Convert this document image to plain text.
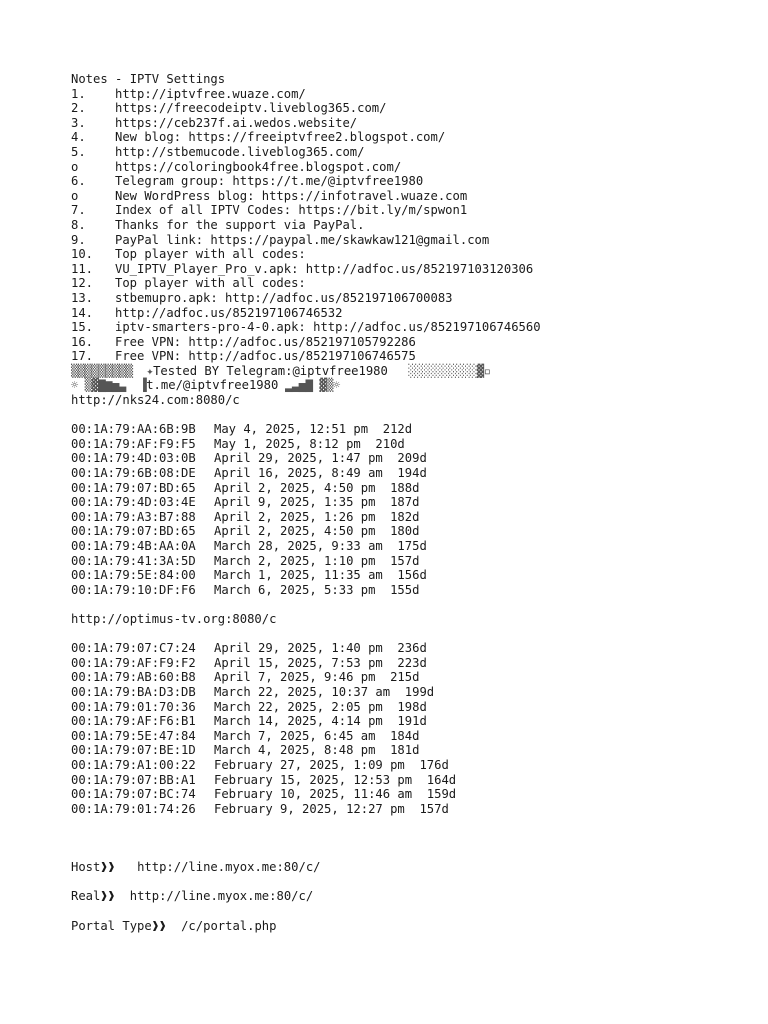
Notes - IPTV Settings
1. http://iptvfree.wuaze.com/
2. https://freecodeiptv.liveblog365.com/
3. https://ceb237f.ai.wedos.website/
4. New blog: https://freeiptvfree2.blogspot.com/
5. http://stbemucode.liveblog365.com/
o	https://coloringbook4free.blogspot.com/
6. Telegram group: https://t.me/@iptvfree1980
o	New WordPress blog: https://infotravel.wuaze.com
7. Index of all IPTV Codes: https://bit.ly/m/spwon1
8. Thanks for the support via PayPal.
9. PayPal link: https://paypal.me/skawkaw121@gmail.com
10. Top player with all codes:
11. VU_IPTV_Player_Pro_v.apk: http://adfoc.us/852197103120306
12. Top player with all codes:
13. stbemupro.apk: http://adfoc.us/852197106700083
14. http://adfoc.us/852197106746532
15. iptv-smarters-pro-4-0.apk: http://adfoc.us/852197106746560
16. Free VPN: http://adfoc.us/852197105792286
17. Free VPN: http://adfoc.us/852197106746575
▒▒▒▒▒▒▒▒▒  ✦Tested BY Telegram:@iptvfree1980   ░░░░░░░░░░▓▫
☼ ▒▓▇▆▅▃  ▐t.me/@iptvfree1980 ▂▃▅▇ ▓▒☼
http://nks24.com:8080/c
00:1A:79:AA:6B:9B May 4, 2025, 12:51 pm  212d
00:1A:79:AF:F9:F5 May 1, 2025, 8:12 pm  210d
00:1A:79:4D:03:0B April 29, 2025, 1:47 pm  209d
00:1A:79:6B:08:DE April 16, 2025, 8:49 am  194d
00:1A:79:07:BD:65 April 2, 2025, 4:50 pm  188d
00:1A:79:4D:03:4E April 9, 2025, 1:35 pm  187d
00:1A:79:A3:B7:88 April 2, 2025, 1:26 pm  182d
00:1A:79:07:BD:65 April 2, 2025, 4:50 pm  180d
00:1A:79:4B:AA:0A March 28, 2025, 9:33 am  175d
00:1A:79:41:3A:5D March 2, 2025, 1:10 pm  157d
00:1A:79:5E:84:00 March 1, 2025, 11:35 am  156d
00:1A:79:10:DF:F6 March 6, 2025, 5:33 pm  155d
http://optimus-tv.org:8080/c
00:1A:79:07:C7:24 April 29, 2025, 1:40 pm  236d
00:1A:79:AF:F9:F2 April 15, 2025, 7:53 pm  223d
00:1A:79:AB:60:B8 April 7, 2025, 9:46 pm  215d
00:1A:79:BA:D3:DB March 22, 2025, 10:37 am  199d
00:1A:79:01:70:36 March 22, 2025, 2:05 pm  198d
00:1A:79:AF:F6:B1 March 14, 2025, 4:14 pm  191d
00:1A:79:5E:47:84 March 7, 2025, 6:45 am  184d
00:1A:79:07:BE:1D March 4, 2025, 8:48 pm  181d
00:1A:79:A1:00:22 February 27, 2025, 1:09 pm  176d
00:1A:79:07:BB:A1 February 15, 2025, 12:53 pm  164d
00:1A:79:07:BC:74 February 10, 2025, 11:46 am  159d
00:1A:79:01:74:26 February 9, 2025, 12:27 pm  157d
Host❱❱ http://line.myox.me:80/c/
Real❱❱ http://line.myox.me:80/c/
Portal Type❱❱ /c/portal.php
